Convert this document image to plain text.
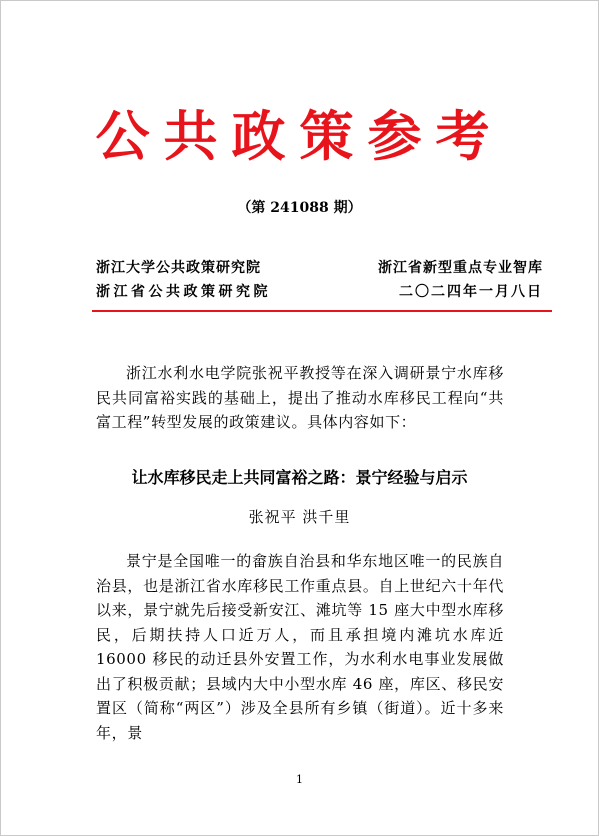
公共政策参考
（第 241088 期）
浙江大学公共政策研究院
浙江省公共政策研究院
浙江省新型重点专业智库
二〇二四年一月八日

浙江水利水电学院张祝平教授等在深入调研景宁水库移民共同富裕实践的基础上，提出了推动水库移民工程向“共富工程”转型发展的政策建议。具体内容如下：

让水库移民走上共同富裕之路：景宁经验与启示
张祝平 洪千里

景宁是全国唯一的畲族自治县和华东地区唯一的民族自治县，也是浙江省水库移民工作重点县。自上世纪六十年代以来，景宁就先后接受新安江、滩坑等 15 座大中型水库移民，后期扶持人口近万人，而且承担境内滩坑水库近 16000 移民的动迁县外安置工作，为水利水电事业发展做出了积极贡献；县域内大中小型水库 46 座，库区、移民安置区（简称“两区”）涉及全县所有乡镇（街道）。近十多来年，景

1
